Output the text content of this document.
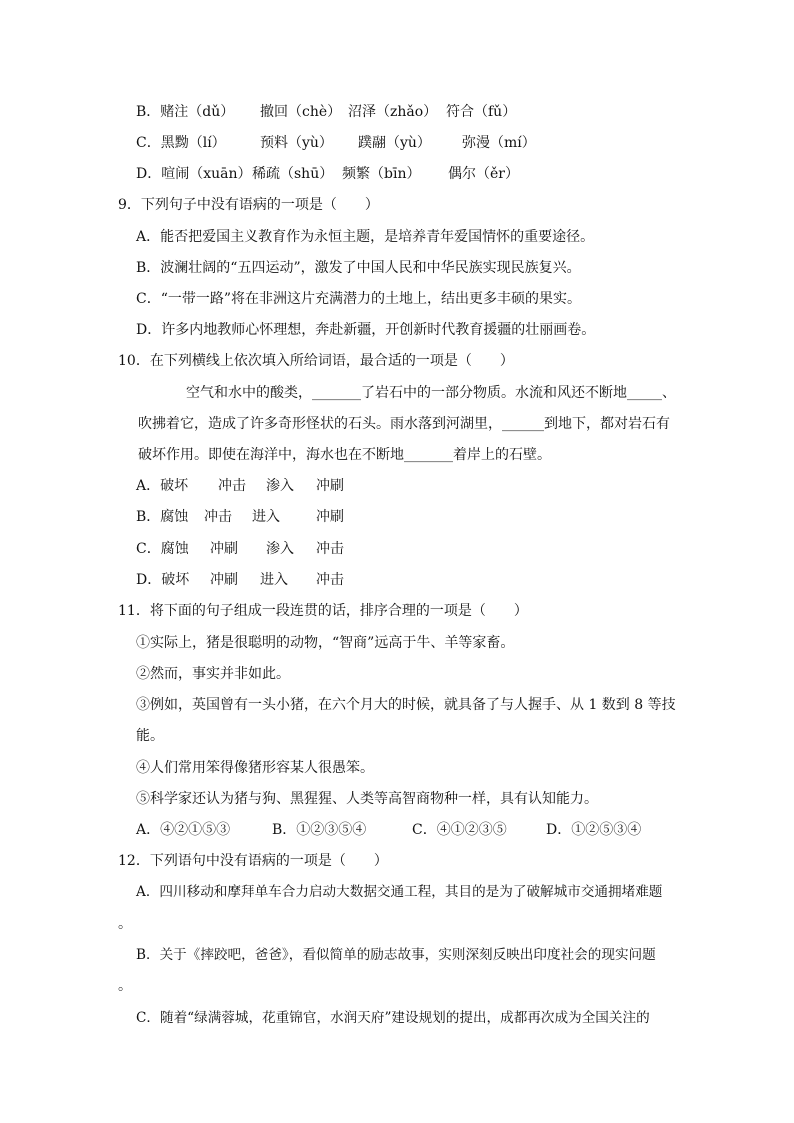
B．赌注（dǔ） 撤回（chè） 沼泽（zhǎo） 符合（fǔ）
C．黑黝（lí） 预料（yù） 蹼翮（yù） 弥漫（mí）
D．喧闹（xuān） 稀疏（shū） 频繁（bīn） 偶尔（ěr）
9．下列句子中没有语病的一项是（　　）
A．能否把爱国主义教育作为永恒主题，是培养青年爱国情怀的重要途径。
B．波澜壮阔的“五四运动”，激发了中国人民和中华民族实现民族复兴。
C．“一带一路”将在非洲这片充满潜力的土地上，结出更多丰硕的果实。
D．许多内地教师心怀理想，奔赴新疆，开创新时代教育援疆的壮丽画卷。
10．在下列横线上依次填入所给词语，最合适的一项是（　　）
空气和水中的酸类，_______了岩石中的一部分物质。水流和风还不断地_____、
吹拂着它，造成了许多奇形怪状的石头。雨水落到河湖里，______到地下，都对岩石有
破坏作用。即使在海洋中，海水也在不断地_______着岸上的石壁。
A．破坏 冲击 渗入 冲刷
B．腐蚀 冲击 进入	冲刷
C．腐蚀 冲刷 渗入 冲击
D．破坏 冲刷 进入 冲击
11．将下面的句子组成一段连贯的话，排序合理的一项是（　　）
①实际上，猪是很聪明的动物，“智商”远高于牛、羊等家畜。
②然而，事实并非如此。
③例如，英国曾有一头小猪，在六个月大的时候，就具备了与人握手、从 1 数到 8 等技
能。
④人们常用笨得像猪形容某人很愚笨。
⑤科学家还认为猪与狗、黑猩猩、人类等高智商物种一样，具有认知能力。
A．④②①⑤③	B．①②③⑤④	C．④①②③⑤	D．①②⑤③④
12．下列语句中没有语病的一项是（　　）
A．四川移动和摩拜单车合力启动大数据交通工程，其目的是为了破解城市交通拥堵难题
。
B．关于《摔跤吧，爸爸》，看似简单的励志故事，实则深刻反映出印度社会的现实问题
。
C．随着“绿满蓉城，花重锦官，水润天府”建设规划的提出，成都再次成为全国关注的
